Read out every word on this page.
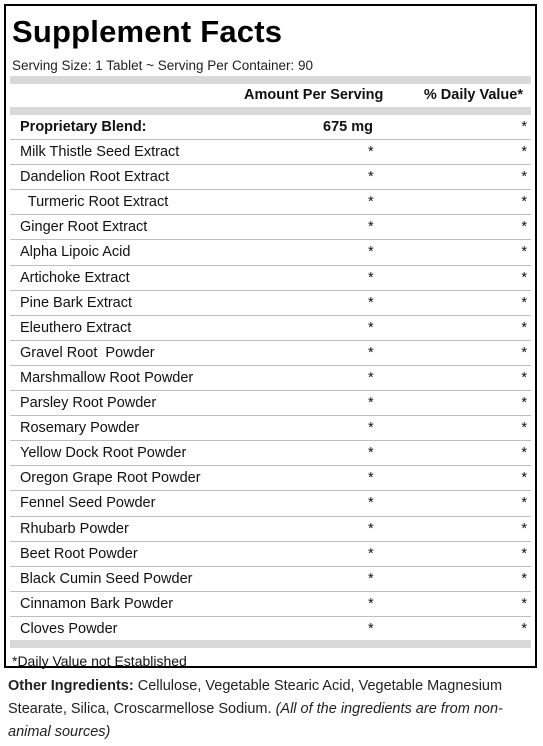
Supplement Facts
Serving Size: 1 Tablet ~ Serving Per Container: 90
Amount Per Serving	% Daily Value*
Proprietary Blend:	675 mg	*
Milk Thistle Seed Extract	*	*
Dandelion Root Extract	*	*
Turmeric Root Extract	*	*
Ginger Root Extract	*	*
Alpha Lipoic Acid	*	*
Artichoke Extract	*	*
Pine Bark Extract	*	*
Eleuthero Extract	*	*
Gravel Root  Powder	*	*
Marshmallow Root Powder	*	*
Parsley Root Powder	*	*
Rosemary Powder	*	*
Yellow Dock Root Powder	*	*
Oregon Grape Root Powder	*	*
Fennel Seed Powder	*	*
Rhubarb Powder	*	*
Beet Root Powder	*	*
Black Cumin Seed Powder	*	*
Cinnamon Bark Powder	*	*
Cloves Powder	*	*
*Daily Value not Established
Other Ingredients: Cellulose, Vegetable Stearic Acid, Vegetable Magnesium Stearate, Silica, Croscarmellose Sodium. (All of the ingredients are from non-animal sources)
